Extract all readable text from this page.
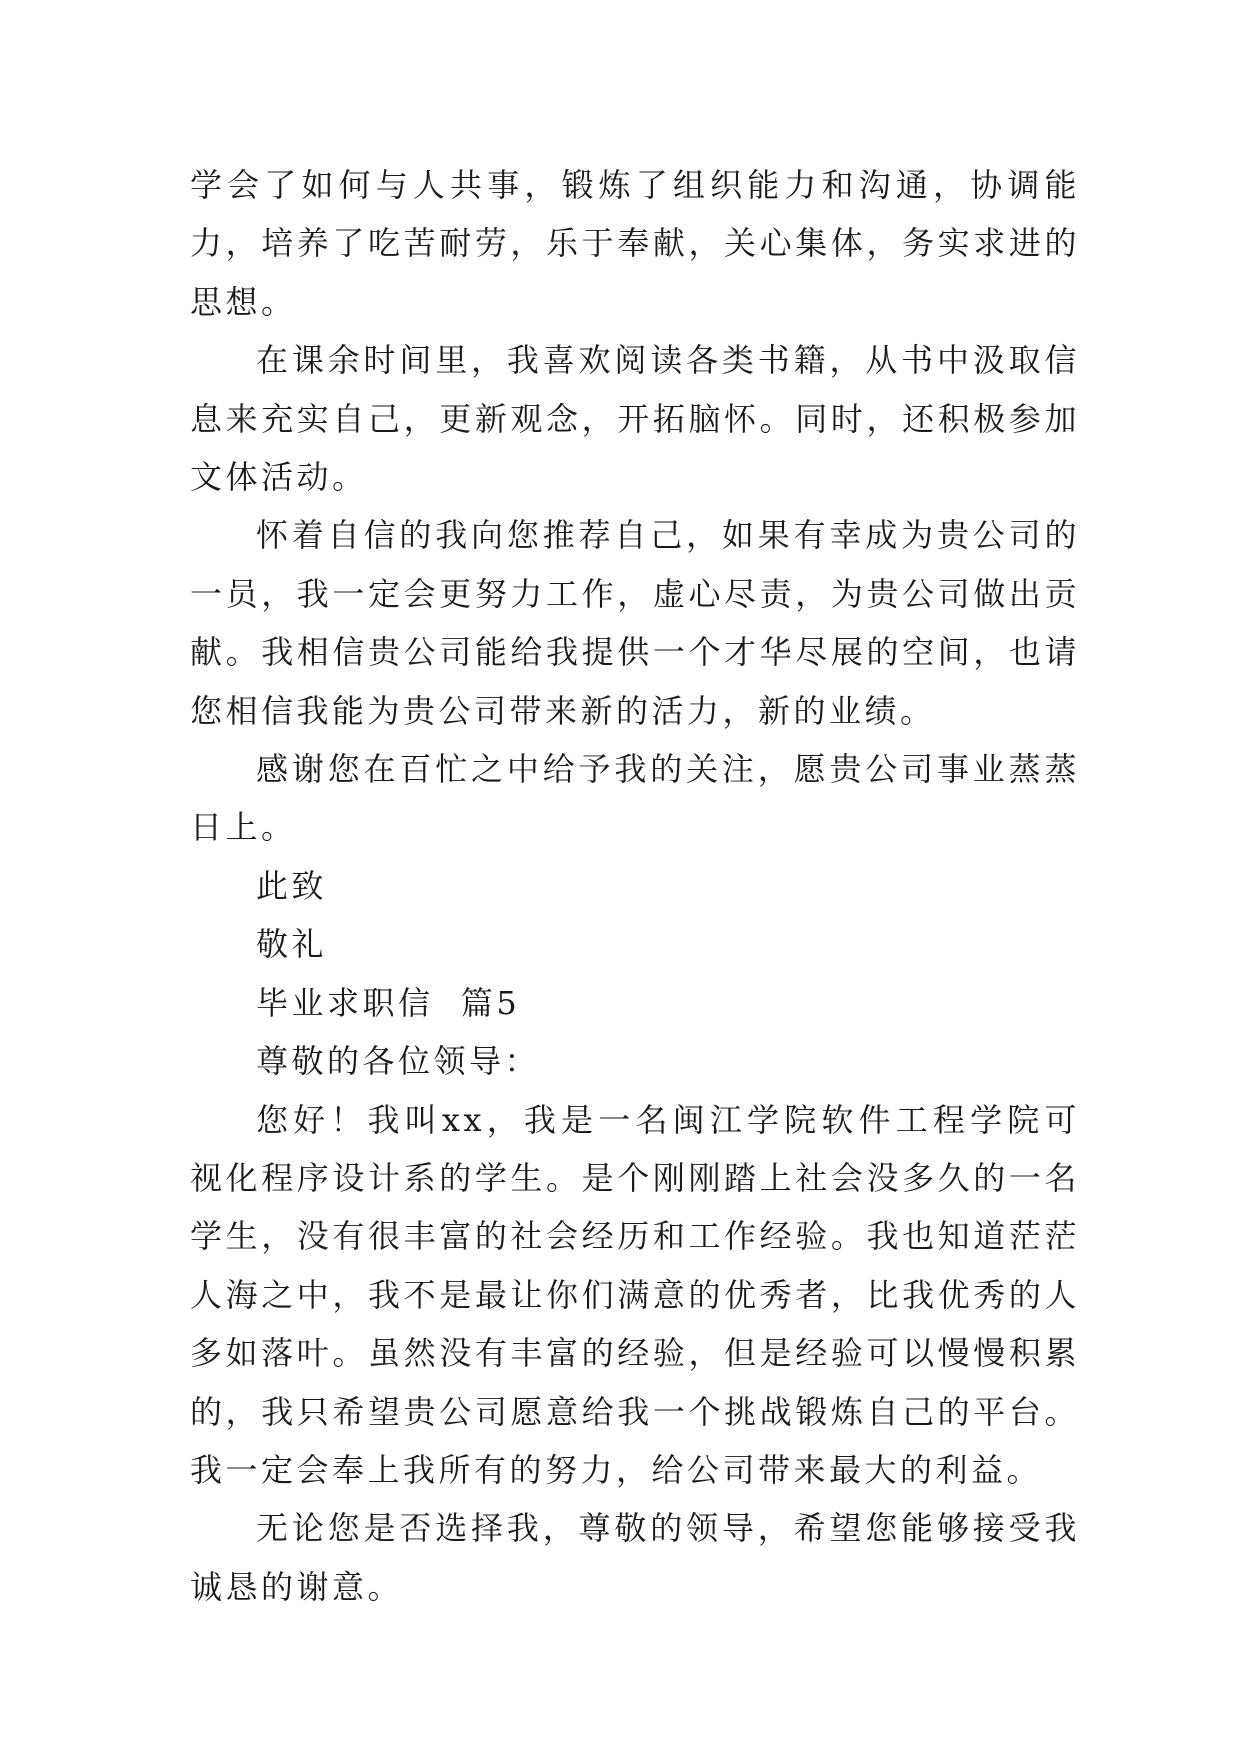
学会了如何与人共事，锻炼了组织能力和沟通，协调能力，培养了吃苦耐劳，乐于奉献，关心集体，务实求进的思想。

在课余时间里，我喜欢阅读各类书籍，从书中汲取信息来充实自己，更新观念，开拓脑怀。同时，还积极参加文体活动。

怀着自信的我向您推荐自己，如果有幸成为贵公司的一员，我一定会更努力工作，虚心尽责，为贵公司做出贡献。我相信贵公司能给我提供一个才华尽展的空间，也请您相信我能为贵公司带来新的活力，新的业绩。

感谢您在百忙之中给予我的关注，愿贵公司事业蒸蒸日上。

此致

敬礼

毕业求职信  篇5

尊敬的各位领导：

您好！我叫xx，我是一名闽江学院软件工程学院可视化程序设计系的学生。是个刚刚踏上社会没多久的一名学生，没有很丰富的社会经历和工作经验。我也知道茫茫人海之中，我不是最让你们满意的优秀者，比我优秀的人多如落叶。虽然没有丰富的经验，但是经验可以慢慢积累的，我只希望贵公司愿意给我一个挑战锻炼自己的平台。我一定会奉上我所有的努力，给公司带来最大的利益。

无论您是否选择我，尊敬的领导，希望您能够接受我诚恳的谢意。
